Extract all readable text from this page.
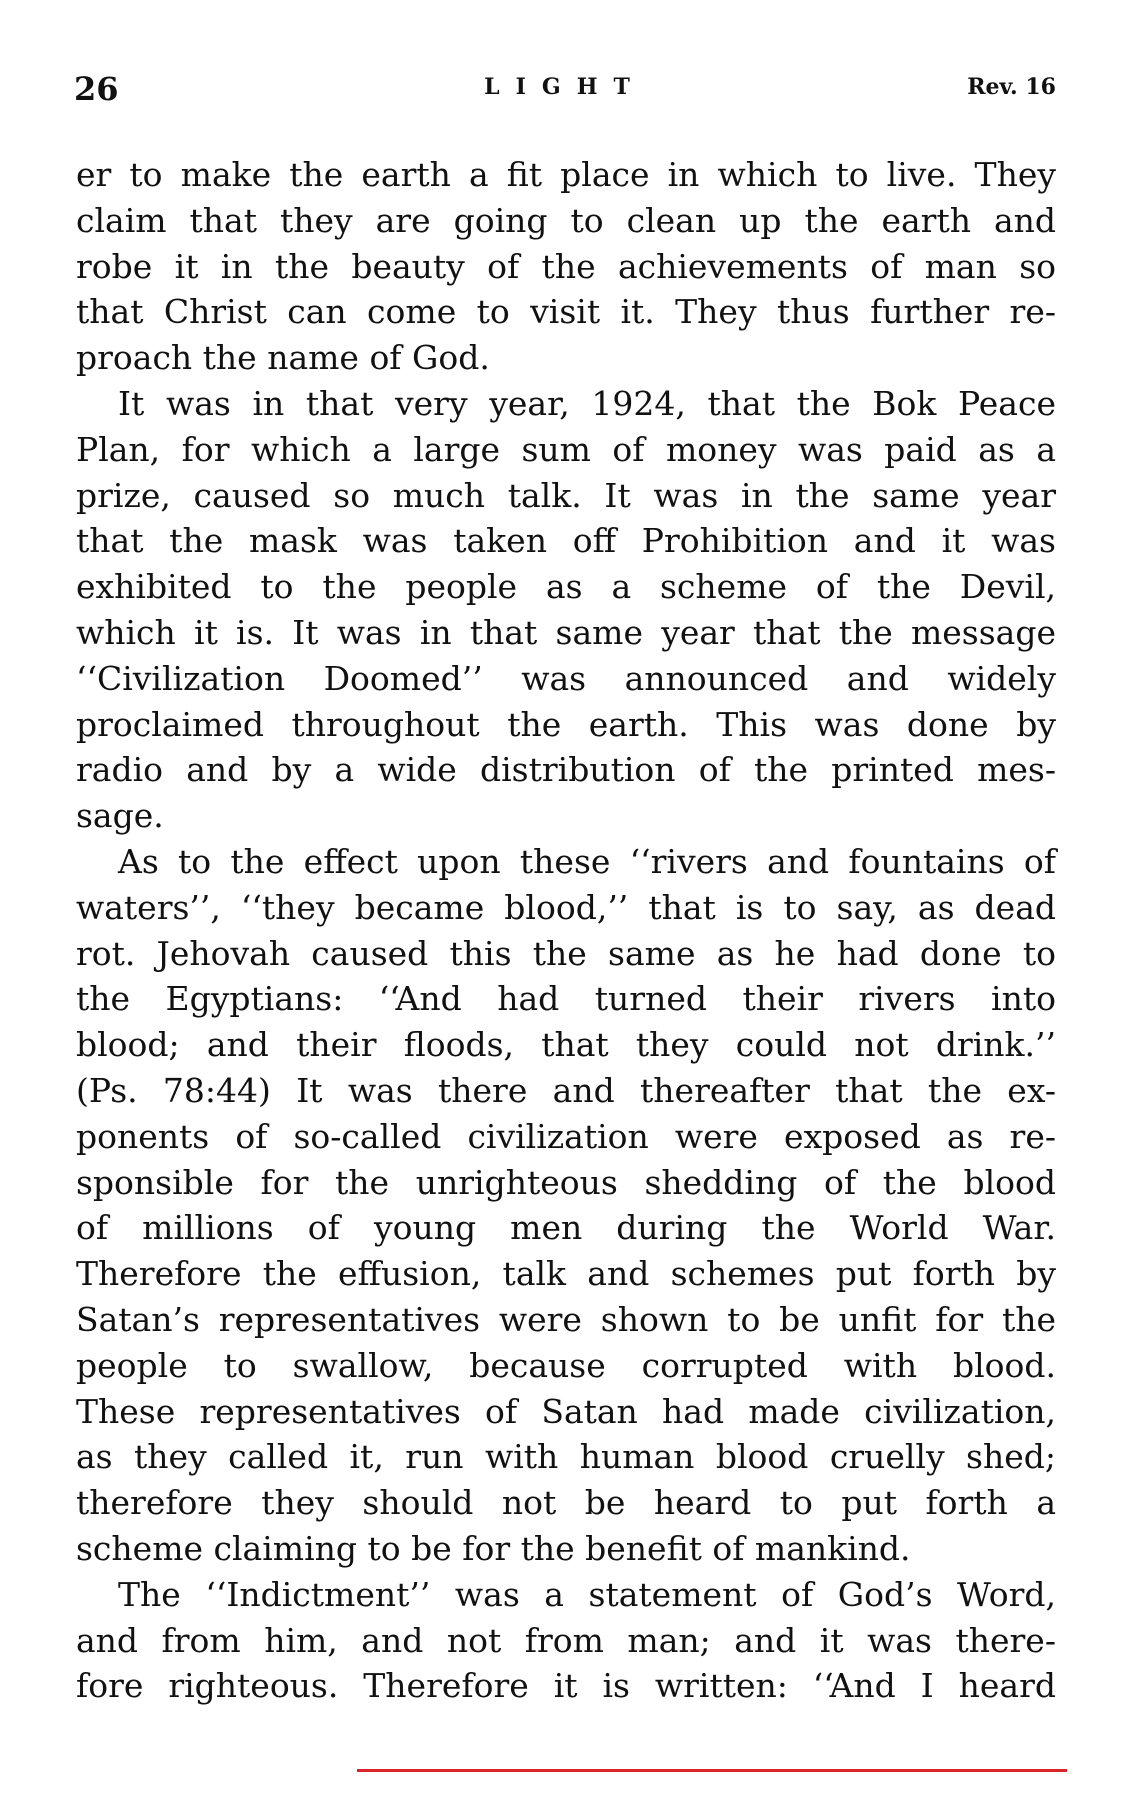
26	LIGHT	Rev. 16
er to make the earth a fit place in which to live. They
claim that they are going to clean up the earth and
robe it in the beauty of the achievements of man so
that Christ can come to visit it. They thus further re-
proach the name of God.
It was in that very year, 1924, that the Bok Peace
Plan, for which a large sum of money was paid as a
prize, caused so much talk. It was in the same year
that the mask was taken off Prohibition and it was
exhibited to the people as a scheme of the Devil,
which it is. It was in that same year that the message
‘‘Civilization Doomed’’ was announced and widely
proclaimed throughout the earth. This was done by
radio and by a wide distribution of the printed mes-
sage.
As to the effect upon these ‘‘rivers and fountains of
waters’’, ‘‘they became blood,’’ that is to say, as dead
rot. Jehovah caused this the same as he had done to
the Egyptians: ‘‘And had turned their rivers into
blood; and their floods, that they could not drink.’’
(Ps. 78:44) It was there and thereafter that the ex-
ponents of so-called civilization were exposed as re-
sponsible for the unrighteous shedding of the blood
of millions of young men during the World War.
Therefore the effusion, talk and schemes put forth by
Satan’s representatives were shown to be unfit for the
people to swallow, because corrupted with blood.
These representatives of Satan had made civilization,
as they called it, run with human blood cruelly shed;
therefore they should not be heard to put forth a
scheme claiming to be for the benefit of mankind.
The ‘‘Indictment’’ was a statement of God’s Word,
and from him, and not from man; and it was there-
fore righteous. Therefore it is written: ‘‘And I heard
